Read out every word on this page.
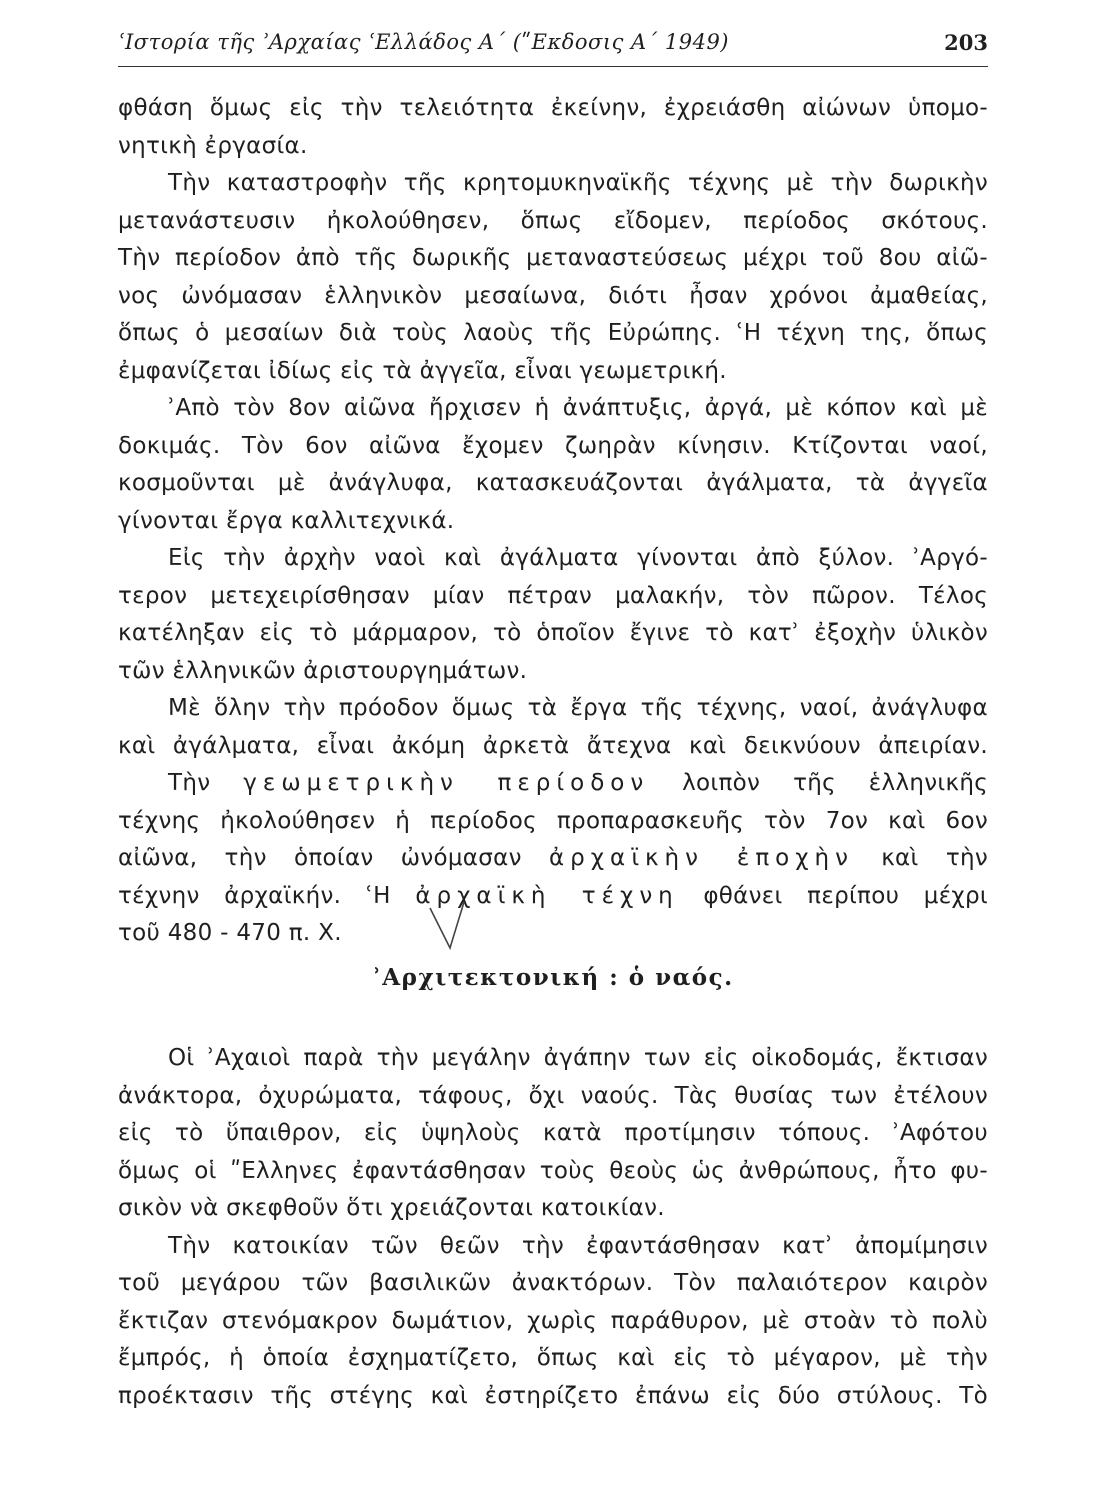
ʿΙστορία τῆς ʾΑρχαίας ʿΕλλάδος Α΄ (ʺΕκδοσις Α΄ 1949)	203
φθάση ὅμως εἰς τὴν τελειότητα ἐκείνην, ἐχρειάσθη αἰώνων ὑπομο-
νητικὴ ἐργασία.
Τὴν καταστροφὴν τῆς κρητομυκηναϊκῆς τέχνης μὲ τὴν δωρικὴν
μετανάστευσιν ἠκολούθησεν, ὅπως εἴδομεν, περίοδος σκότους.
Τὴν περίοδον ἀπὸ τῆς δωρικῆς μεταναστεύσεως μέχρι τοῦ 8ου αἰῶ-
νος ὠνόμασαν ἑλληνικὸν μεσαίωνα, διότι ἦσαν χρόνοι ἀμαθείας,
ὅπως ὁ μεσαίων διὰ τοὺς λαοὺς τῆς Εὐρώπης. ʿΗ τέχνη της, ὅπως
ἐμφανίζεται ἰδίως εἰς τὰ ἀγγεῖα, εἶναι γεωμετρική.
ʾΑπὸ τὸν 8ον αἰῶνα ἤρχισεν ἡ ἀνάπτυξις, ἀργά, μὲ κόπον καὶ μὲ
δοκιμάς. Τὸν 6ον αἰῶνα ἔχομεν ζωηρὰν κίνησιν. Κτίζονται ναοί,
κοσμοῦνται μὲ ἀνάγλυφα, κατασκευάζονται ἀγάλματα, τὰ ἀγγεῖα
γίνονται ἔργα καλλιτεχνικά.
Εἰς τὴν ἀρχὴν ναοὶ καὶ ἀγάλματα γίνονται ἀπὸ ξύλον. ʾΑργό-
τερον μετεχειρίσθησαν μίαν πέτραν μαλακήν, τὸν πῶρον. Τέλος
κατέληξαν εἰς τὸ μάρμαρον, τὸ ὁποῖον ἔγινε τὸ κατʾ ἐξοχὴν ὑλικὸν
τῶν ἑλληνικῶν ἀριστουργημάτων.
Μὲ ὅλην τὴν πρόοδον ὅμως τὰ ἔργα τῆς τέχνης, ναοί, ἀνάγλυφα
καὶ ἀγάλματα, εἶναι ἀκόμη ἀρκετὰ ἄτεχνα καὶ δεικνύουν ἀπειρίαν.
Τὴν γεωμετρικὴν περίοδον λοιπὸν τῆς ἑλληνικῆς
τέχνης ἠκολούθησεν ἡ περίοδος προπαρασκευῆς τὸν 7ον καὶ 6ον
αἰῶνα, τὴν ὁποίαν ὠνόμασαν ἀρχαϊκὴν ἐποχὴν καὶ τὴν
τέχνην ἀρχαϊκήν. ʿΗ ἀρχαϊκὴ τέχνη φθάνει περίπου μέχρι
τοῦ 480 - 470 π. Χ.
ʾΑρχιτεκτονική : ὁ ναός.
Οἱ ʾΑχαιοὶ παρὰ τὴν μεγάλην ἀγάπην των εἰς οἰκοδομάς, ἔκτισαν
ἀνάκτορα, ὀχυρώματα, τάφους, ὄχι ναούς. Τὰς θυσίας των ἐτέλουν
εἰς τὸ ὕπαιθρον, εἰς ὑψηλοὺς κατὰ προτίμησιν τόπους. ʾΑφότου
ὅμως οἱ ʺΕλληνες ἐφαντάσθησαν τοὺς θεοὺς ὡς ἀνθρώπους, ἦτο φυ-
σικὸν νὰ σκεφθοῦν ὅτι χρειάζονται κατοικίαν.
Τὴν κατοικίαν τῶν θεῶν τὴν ἐφαντάσθησαν κατʾ ἀπομίμησιν
τοῦ μεγάρου τῶν βασιλικῶν ἀνακτόρων. Τὸν παλαιότερον καιρὸν
ἔκτιζαν στενόμακρον δωμάτιον, χωρὶς παράθυρον, μὲ στοὰν τὸ πολὺ
ἔμπρός, ἡ ὁποία ἐσχηματίζετο, ὅπως καὶ εἰς τὸ μέγαρον, μὲ τὴν
προέκτασιν τῆς στέγης καὶ ἐστηρίζετο ἐπάνω εἰς δύο στύλους. Τὸ
